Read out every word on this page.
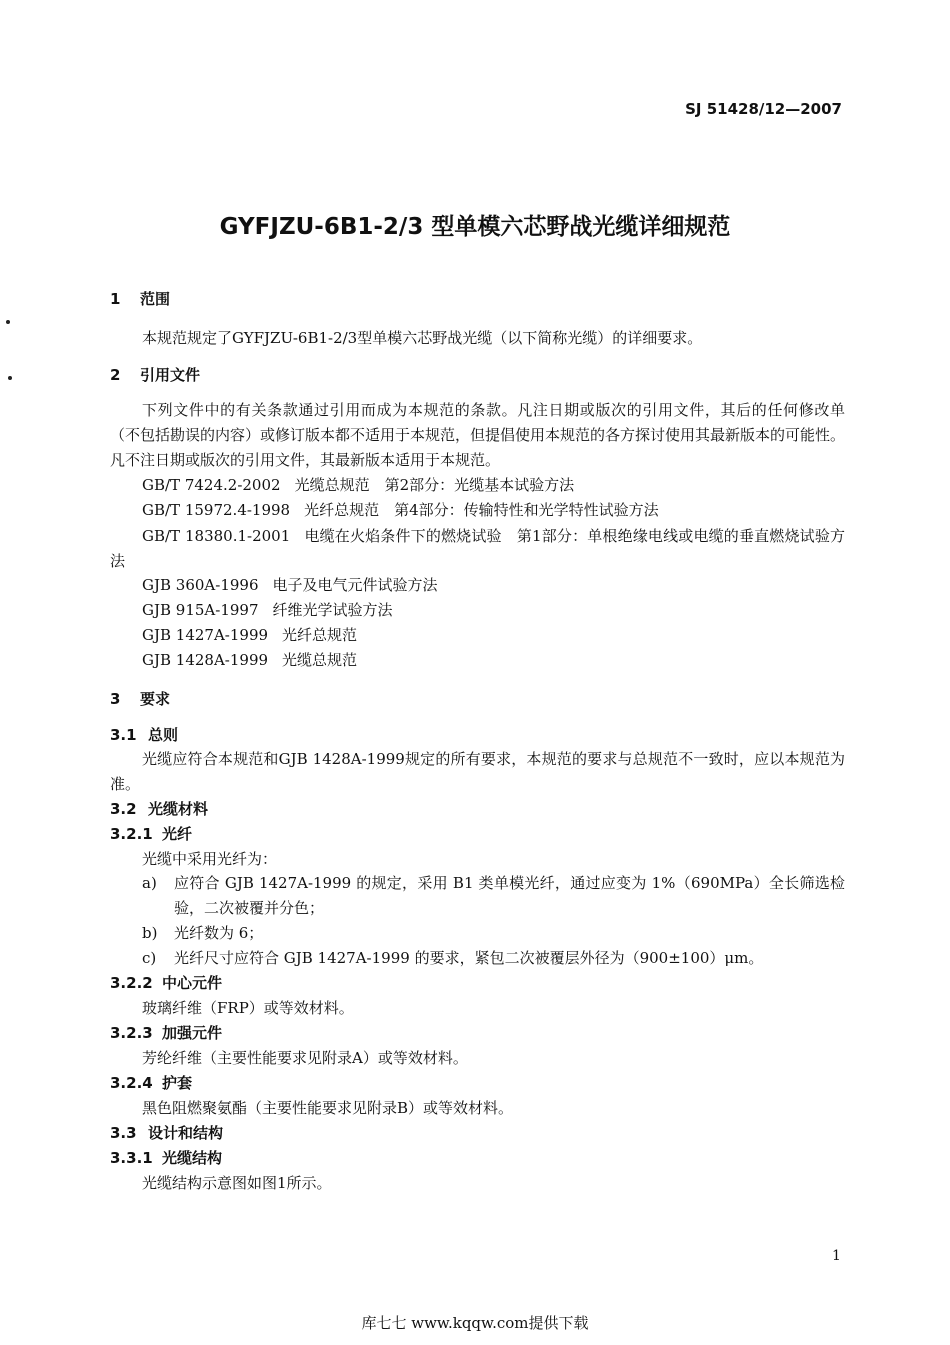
SJ 51428/12—2007
GYFJZU-6B1-2/3 型单模六芯野战光缆详细规范
1 范围
本规范规定了GYFJZU-6B1-2/3型单模六芯野战光缆（以下简称光缆）的详细要求。
2 引用文件
下列文件中的有关条款通过引用而成为本规范的条款。凡注日期或版次的引用文件，其后的任何修改单（不包括勘误的内容）或修订版本都不适用于本规范，但提倡使用本规范的各方探讨使用其最新版本的可能性。凡不注日期或版次的引用文件，其最新版本适用于本规范。
GB/T 7424.2-2002 光缆总规范　第2部分：光缆基本试验方法
GB/T 15972.4-1998 光纤总规范　第4部分：传输特性和光学特性试验方法
GB/T 18380.1-2001 电缆在火焰条件下的燃烧试验　第1部分：单根绝缘电线或电缆的垂直燃烧试验方法
GJB 360A-1996 电子及电气元件试验方法
GJB 915A-1997 纤维光学试验方法
GJB 1427A-1999 光纤总规范
GJB 1428A-1999 光缆总规范
3 要求
3.1 总则
光缆应符合本规范和GJB 1428A-1999规定的所有要求，本规范的要求与总规范不一致时，应以本规范为准。
3.2 光缆材料
3.2.1 光纤
光缆中采用光纤为：
a) 应符合 GJB 1427A-1999 的规定，采用 B1 类单模光纤，通过应变为 1%（690MPa）全长筛选检验，二次被覆并分色；
b) 光纤数为 6；
c) 光纤尺寸应符合 GJB 1427A-1999 的要求，紧包二次被覆层外径为（900±100）μm。
3.2.2 中心元件
玻璃纤维（FRP）或等效材料。
3.2.3 加强元件
芳纶纤维（主要性能要求见附录A）或等效材料。
3.2.4 护套
黑色阻燃聚氨酯（主要性能要求见附录B）或等效材料。
3.3 设计和结构
3.3.1 光缆结构
光缆结构示意图如图1所示。
1
库七七 www.kqqw.com提供下载
